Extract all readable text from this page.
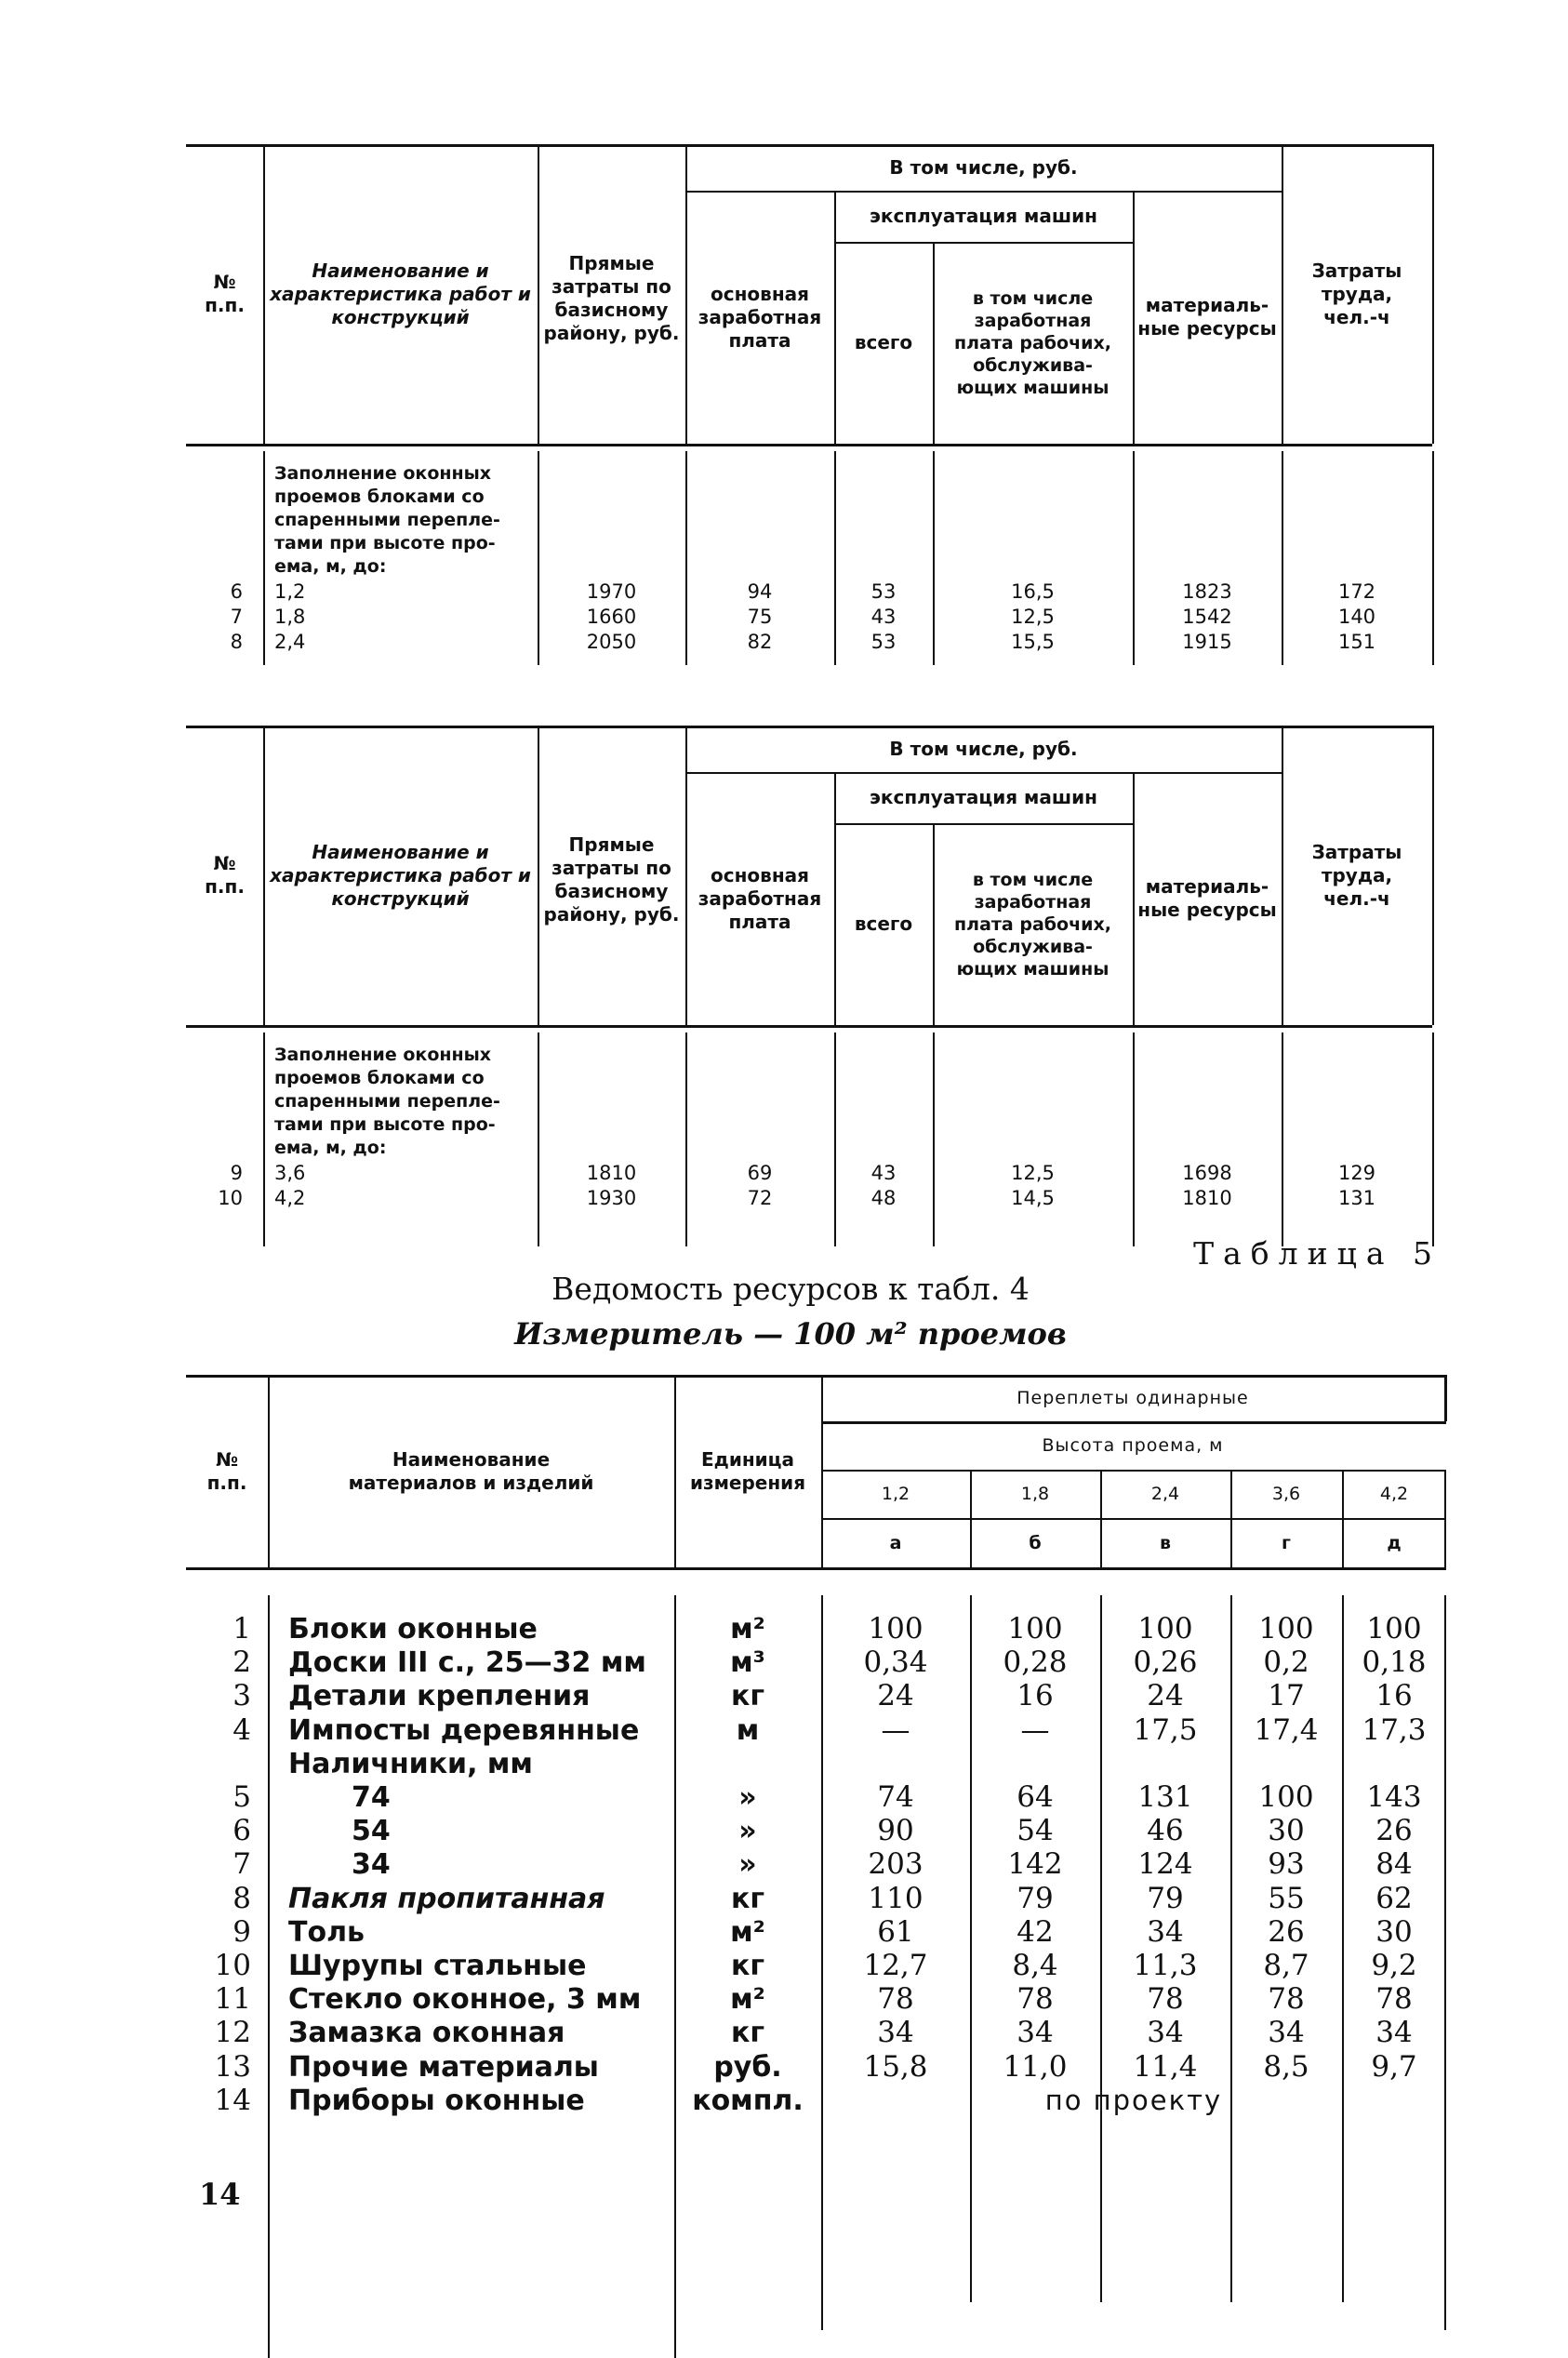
№ п.п.
Наименование и характеристика работ и конструкций
Прямые затраты по базисному району, руб.
В том числе, руб.
основная заработная плата
эксплуатация машин
всего
в том числе заработная плата рабочих, обслужива-ющих машины
материаль-ные ресурсы
Затраты труда, чел.-ч
Заполнение оконных проемов блоками со спаренными перепле-тами при высоте про-ема, м, до:
6 1,2	1970	94	53	16,5	1823	172
7 1,8	1660	75	43	12,5	1542	140
8 2,4	2050	82	53	15,5	1915	151
№ п.п.
Наименование и характеристика работ и конструкций
Прямые затраты по базисному району, руб.
В том числе, руб.
основная заработная плата
эксплуатация машин
всего
в том числе заработная плата рабочих, обслужива-ющих машины
материаль-ные ресурсы
Затраты труда, чел.-ч
Заполнение оконных проемов блоками со спаренными перепле-тами при высоте про-ема, м, до:
9 3,6	1810	69	43	12,5	1698	129
10 4,2	1930	72	48	14,5	1810	131
Таблица 5
Ведомость ресурсов к табл. 4
Измеритель — 100 м² проемов
№ п.п.
Наименование материалов и изделий
Единица измерения
Переплеты одинарные
Высота проема, м
1,2	1,8	2,4	3,6	4,2
а	б	в	г	д
1 Блоки оконные	м²	100	100	100	100	100
2 Доски III с., 25—32 мм	м³	0,34	0,28	0,26	0,2	0,18
3 Детали крепления	кг	24	16	24	17	16
4 Импосты деревянные	м	—	—	17,5	17,4	17,3
Наличники, мм
5	74	»	74	64	131	100	143
6	54	»	90	54	46	30	26
7	34	»	203	142	124	93	84
8 Пакля пропитанная	кг	110	79	79	55	62
9 Толь	м²	61	42	34	26	30
10 Шурупы стальные	кг	12,7	8,4	11,3	8,7	9,2
11 Стекло оконное, 3 мм	м²	78	78	78	78	78
12 Замазка оконная	кг	34	34	34	34	34
13 Прочие материалы	руб.	15,8	11,0	11,4	8,5	9,7
14 Приборы оконные	компл.	по проекту
14
